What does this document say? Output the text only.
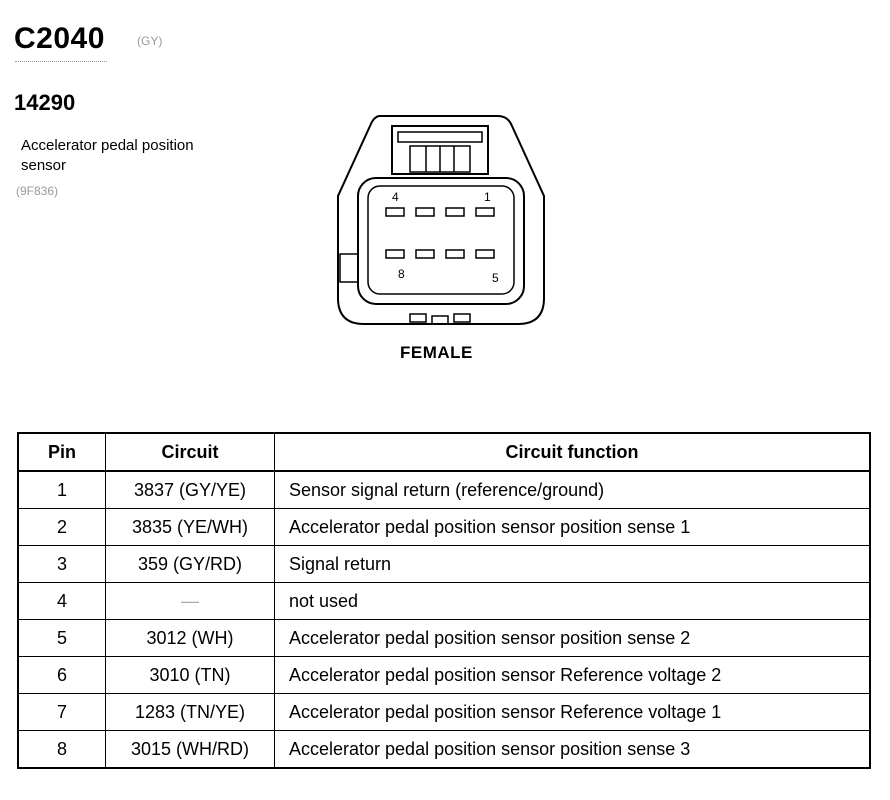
C2040	(GY)
14290
Accelerator pedal position sensor
(9F836)	4	1
8	5
FEMALE
Pin	Circuit	Circuit function
1	3837 (GY/YE)	Sensor signal return (reference/ground)
2	3835 (YE/WH)	Accelerator pedal position sensor position sense 1
3	359 (GY/RD)	Signal return
4	—	not used
5	3012 (WH)	Accelerator pedal position sensor position sense 2
6	3010 (TN)	Accelerator pedal position sensor Reference voltage 2
7	1283 (TN/YE)	Accelerator pedal position sensor Reference voltage 1
8	3015 (WH/RD)	Accelerator pedal position sensor position sense 3
